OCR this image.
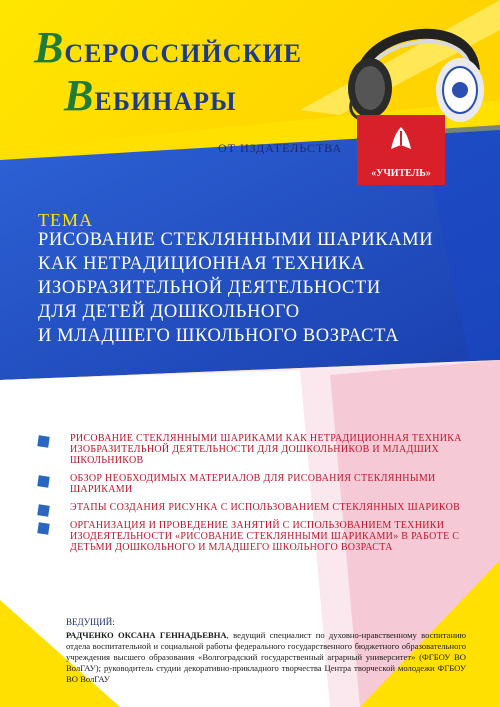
ВСЕРОССИЙСКИЕ
ВЕБИНАРЫ
ОТ ИЗДАТЕЛЬСТВА
«УЧИТЕЛЬ»
ТЕМА
РИСОВАНИЕ СТЕКЛЯННЫМИ ШАРИКАМИ
КАК НЕТРАДИЦИОННАЯ ТЕХНИКА
ИЗОБРАЗИТЕЛЬНОЙ ДЕЯТЕЛЬНОСТИ
ДЛЯ ДЕТЕЙ ДОШКОЛЬНОГО
И МЛАДШЕГО ШКОЛЬНОГО ВОЗРАСТА
РИСОВАНИЕ СТЕКЛЯННЫМИ ШАРИКАМИ КАК НЕТРАДИЦИОННАЯ ТЕХНИКА ИЗОБРАЗИТЕЛЬНОЙ ДЕЯТЕЛЬНОСТИ ДЛЯ ДОШКОЛЬНИКОВ И МЛАДШИХ ШКОЛЬНИКОВ
ОБЗОР НЕОБХОДИМЫХ МАТЕРИАЛОВ ДЛЯ РИСОВАНИЯ СТЕКЛЯННЫМИ ШАРИКАМИ
ЭТАПЫ СОЗДАНИЯ РИСУНКА С ИСПОЛЬЗОВАНИЕМ СТЕКЛЯННЫХ ШАРИКОВ
ОРГАНИЗАЦИЯ И ПРОВЕДЕНИЕ ЗАНЯТИЙ С ИСПОЛЬЗОВАНИЕМ ТЕХНИКИ ИЗОДЕЯТЕЛЬНОСТИ «РИСОВАНИЕ СТЕКЛЯННЫМИ ШАРИКАМИ» В РАБОТЕ С ДЕТЬМИ ДОШКОЛЬНОГО И МЛАДШЕГО ШКОЛЬНОГО ВОЗРАСТА
ВЕДУЩИЙ:
РАДЧЕНКО ОКСАНА ГЕННАДЬЕВНА, ведущий специалист по духовно-нравственному воспитанию отдела воспитательной и социальной работы федерального государственного бюджетного образовательного учреждения высшего образования «Волгоградский государственный аграрный университет» (ФГБОУ ВО ВолГАУ); руководитель студии декоративно-прикладного творчества Центра творческой молодежи ФГБОУ ВО ВолГАУ
